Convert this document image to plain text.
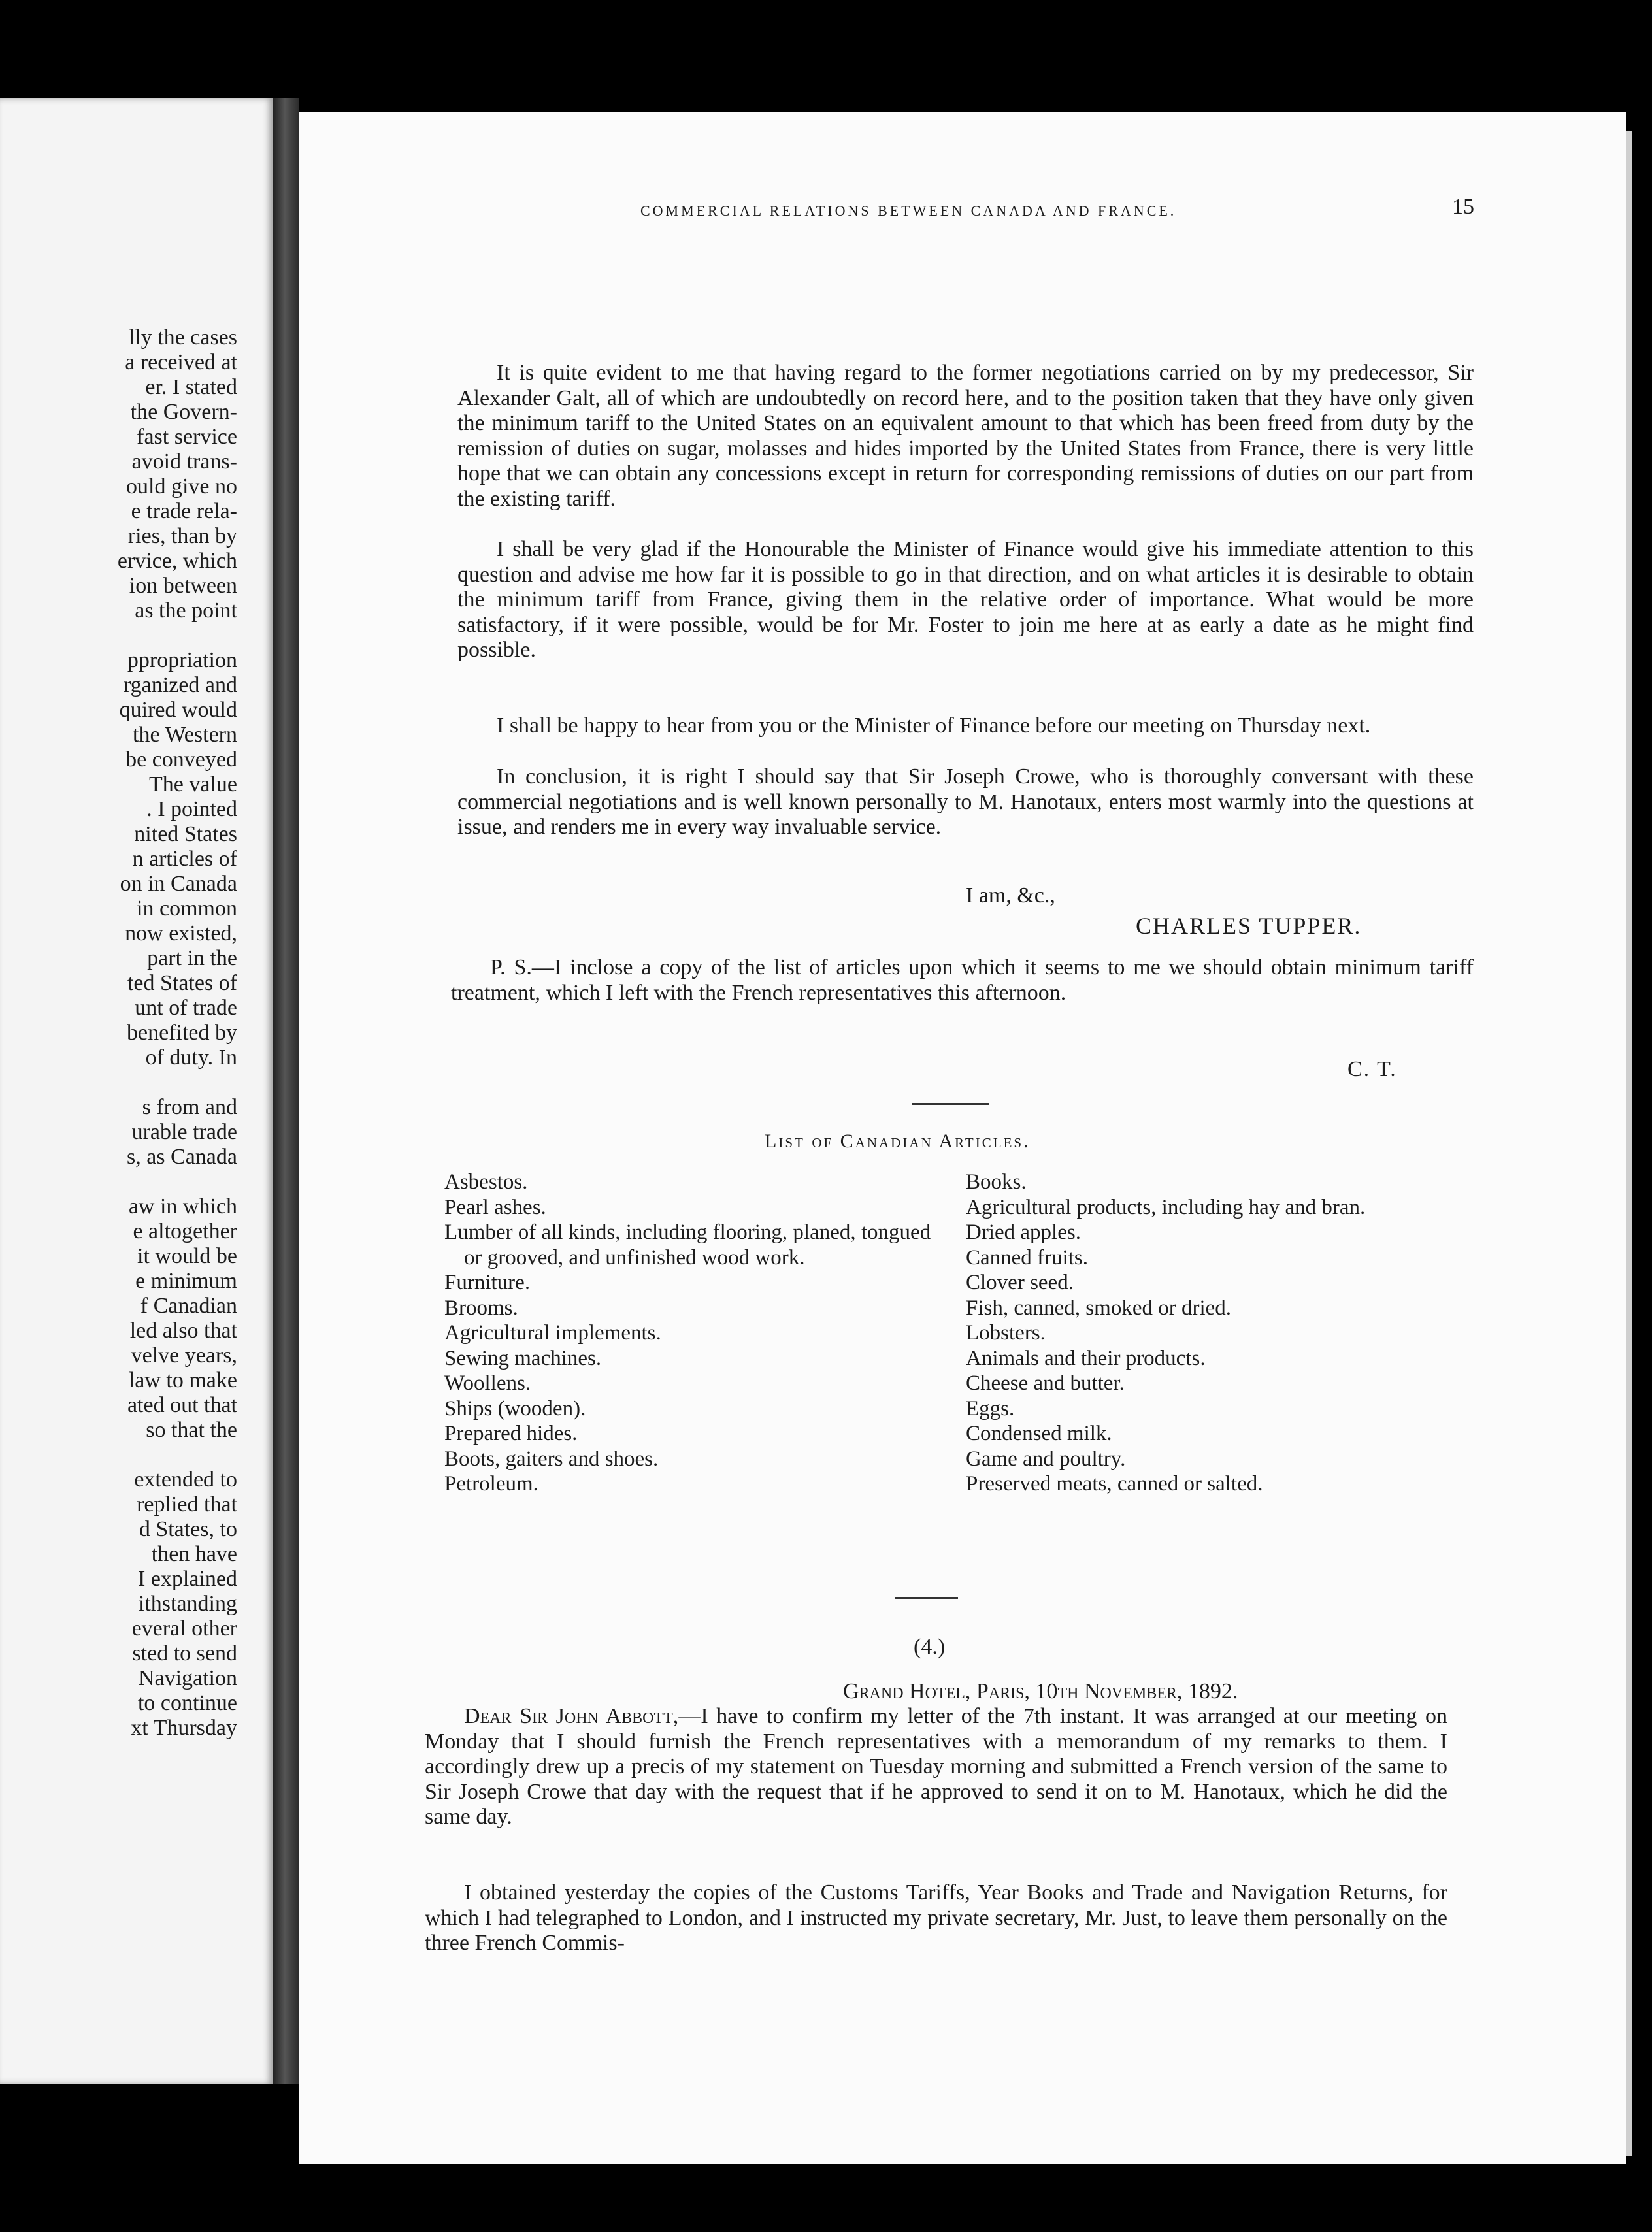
lly the cases
a received at
er. I stated
the Govern-
fast service
avoid trans-
ould give no
e trade rela-
ries, than by
ervice, which
ion between
as the point
ppropriation
rganized and
quired would
the Western
be conveyed
The value
. I pointed
nited States
n articles of
on in Canada
in common
now existed,
part in the
ted States of
unt of trade
benefited by
of duty. In
s from and
urable trade
s, as Canada
aw in which
e altogether
it would be
e minimum
f Canadian
led also that
velve years,
law to make
ated out that
so that the
extended to
replied that
d States, to
then have
I explained
ithstanding
everal other
sted to send
Navigation
to continue
xt Thursday
COMMERCIAL RELATIONS BETWEEN CANADA AND FRANCE.	15

It is quite evident to me that having regard to the former negotiations carried on by my predecessor, Sir Alexander Galt, all of which are undoubtedly on record here, and to the position taken that they have only given the minimum tariff to the United States on an equivalent amount to that which has been freed from duty by the remission of duties on sugar, molasses and hides imported by the United States from France, there is very little hope that we can obtain any concessions except in return for corresponding remissions of duties on our part from the existing tariff.

I shall be very glad if the Honourable the Minister of Finance would give his immediate attention to this question and advise me how far it is possible to go in that direction, and on what articles it is desirable to obtain the minimum tariff from France, giving them in the relative order of importance. What would be more satisfactory, if it were possible, would be for Mr. Foster to join me here at as early a date as he might find possible.

I shall be happy to hear from you or the Minister of Finance before our meeting on Thursday next.

In conclusion, it is right I should say that Sir Joseph Crowe, who is thoroughly conversant with these commercial negotiations and is well known personally to M. Hanotaux, enters most warmly into the questions at issue, and renders me in every way invaluable service.

I am, &c.,
CHARLES TUPPER.

P. S.—I inclose a copy of the list of articles upon which it seems to me we should obtain minimum tariff treatment, which I left with the French representatives this afternoon.

C. T.
List of Canadian Articles.
Asbestos.
Pearl ashes.
Lumber of all kinds, including flooring, planed, tongued or grooved, and unfinished wood work.
Furniture.
Brooms.
Agricultural implements.
Sewing machines.
Woollens.
Ships (wooden).
Prepared hides.
Boots, gaiters and shoes.
Petroleum.
Books.
Agricultural products, including hay and bran.
Dried apples.
Canned fruits.
Clover seed.
Fish, canned, smoked or dried.
Lobsters.
Animals and their products.
Cheese and butter.
Eggs.
Condensed milk.
Game and poultry.
Preserved meats, canned or salted.
(4.)
Grand Hotel, Paris, 10th November, 1892.

Dear Sir John Abbott,—I have to confirm my letter of the 7th instant. It was arranged at our meeting on Monday that I should furnish the French representatives with a memorandum of my remarks to them. I accordingly drew up a precis of my statement on Tuesday morning and submitted a French version of the same to Sir Joseph Crowe that day with the request that if he approved to send it on to M. Hanotaux, which he did the same day.

I obtained yesterday the copies of the Customs Tariffs, Year Books and Trade and Navigation Returns, for which I had telegraphed to London, and I instructed my private secretary, Mr. Just, to leave them personally on the three French Commis-
